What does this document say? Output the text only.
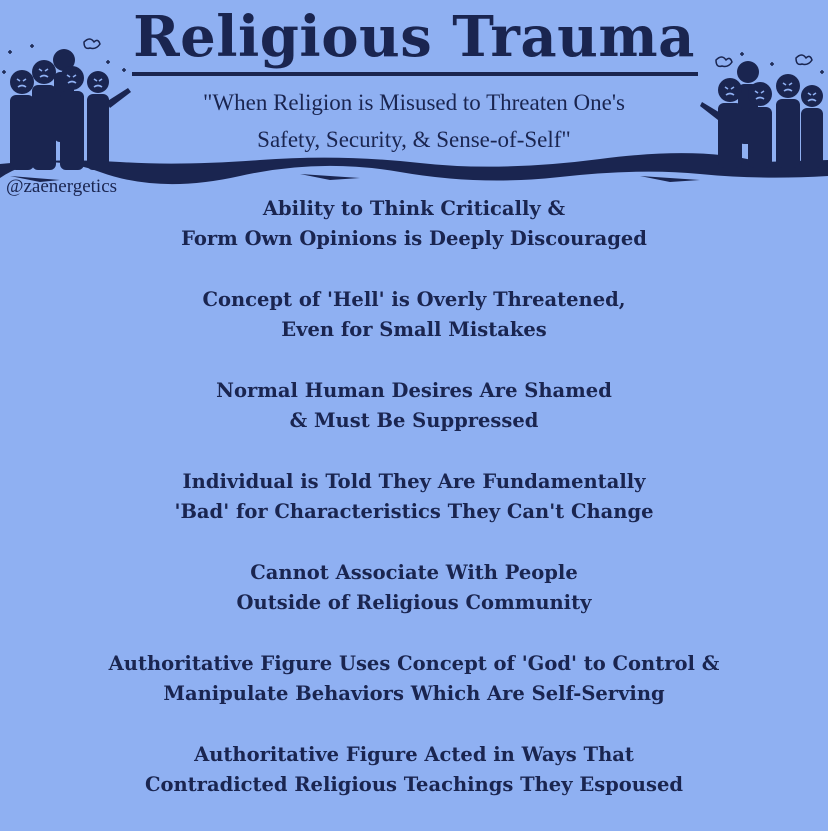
Religious Trauma
"When Religion is Misused to Threaten One's
Safety, Security, & Sense-of-Self"
@zaenergetics
Ability to Think Critically &
Form Own Opinions is Deeply Discouraged
Concept of 'Hell' is Overly Threatened,
Even for Small Mistakes
Normal Human Desires Are Shamed
& Must Be Suppressed
Individual is Told They Are Fundamentally
'Bad' for Characteristics They Can't Change
Cannot Associate With People
Outside of Religious Community
Authoritative Figure Uses Concept of 'God' to Control &
Manipulate Behaviors Which Are Self-Serving
Authoritative Figure Acted in Ways That
Contradicted Religious Teachings They Espoused
